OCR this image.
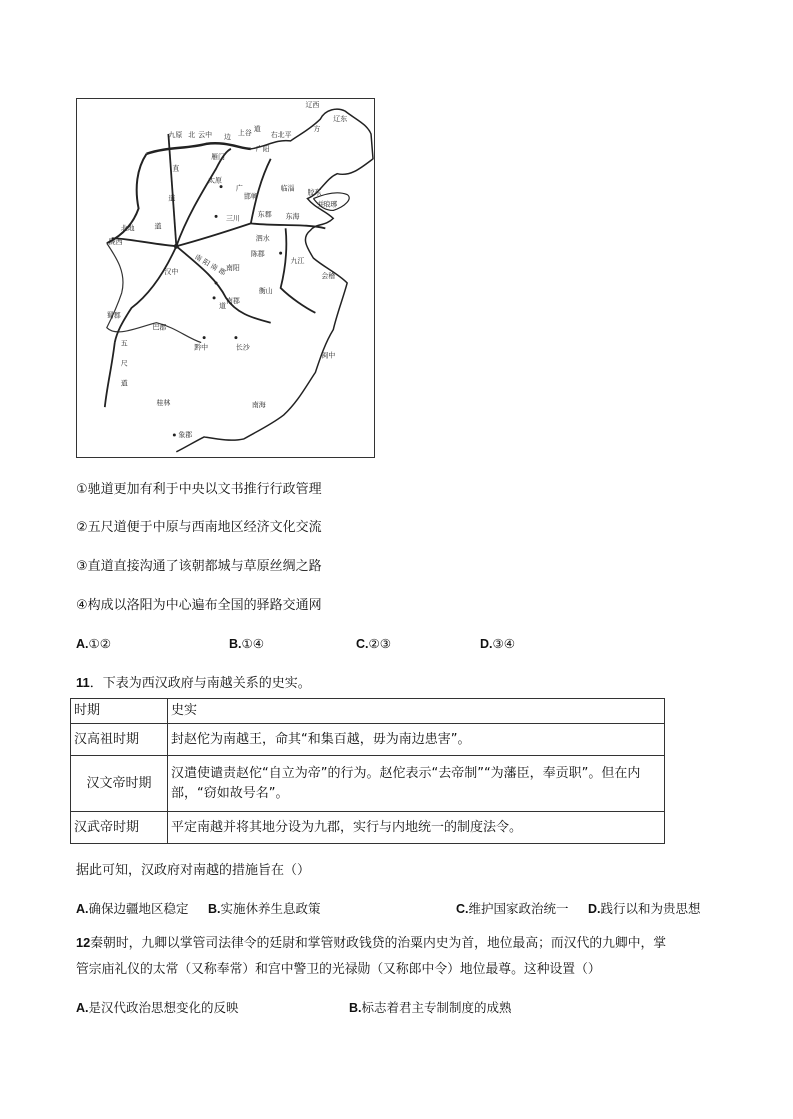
辽西
辽东
九原 北 云中 边 上谷 道
右北平
方
雁门
广阳
直
太原
道
广
邯郸
临淄 胶东
琅琊
并
陇西
北地	道
三川	东郡 东海
泗水
陈郡
九江
会稽
汉中	南阳
南郡
衡山
蜀郡
巴郡
黔中	长沙
五
尺
道
闽中
桂林	南海
象郡
南 阳 南 郡
道
①驰道更加有利于中央以文书推行行政管理
②五尺道便于中原与西南地区经济文化交流
③直道直接沟通了该朝都城与草原丝绸之路
④构成以洛阳为中心遍布全国的驿路交通网
A.①②	B.①④	C.②③	D.③④
11．下表为西汉政府与南越关系的史实。
时期	史实
汉高祖时期	封赵佗为南越王，命其“和集百越，毋为南边患害”。
汉文帝时期	汉遣使谴责赵佗“自立为帝”的行为。赵佗表示“去帝制”“为藩臣，奉贡职”。但在内部，“窃如故号名”。
汉武帝时期	平定南越并将其地分设为九郡，实行与内地统一的制度法令。
据此可知，汉政府对南越的措施旨在（）
A.确保边疆地区稳定 B.实施休养生息政策	C.维护国家政治统一 D.践行以和为贵思想
12秦朝时，九卿以掌管司法律令的廷尉和掌管财政钱贷的治粟内史为首，地位最高；而汉代的九卿中，掌
管宗庙礼仪的太常（又称奉常）和宫中警卫的光禄勋（又称郎中令）地位最尊。这种设置（）
A.是汉代政治思想变化的反映	B.标志着君主专制制度的成熟
